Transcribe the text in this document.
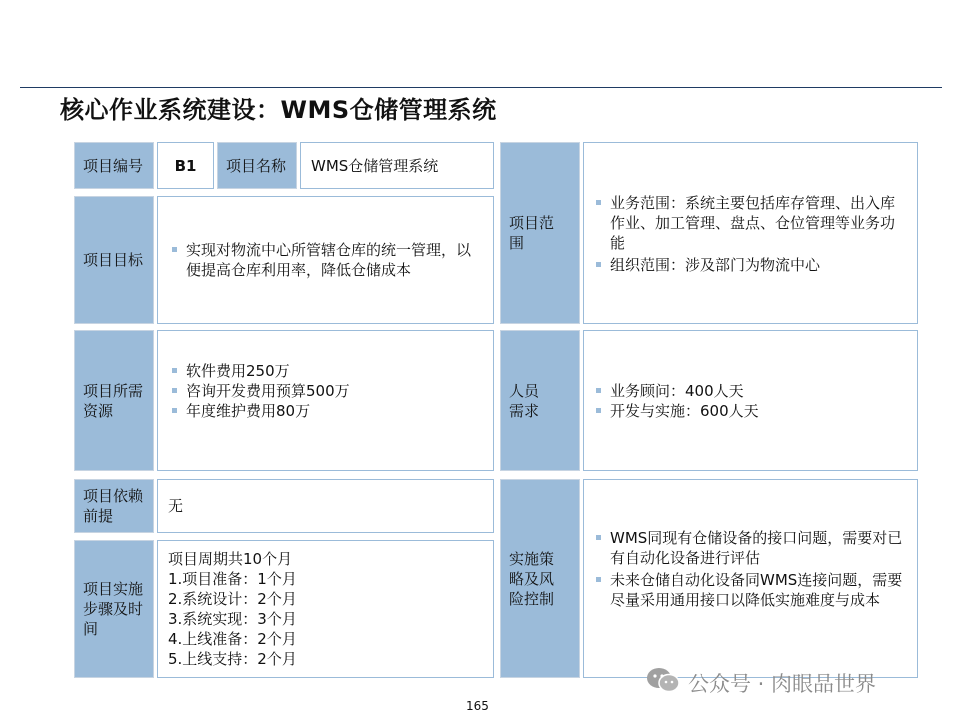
核心作业系统建设：WMS仓储管理系统
项目编号 B1 项目名称 WMS仓储管理系统
项目目标
实现对物流中心所管辖仓库的统一管理，以便提高仓库利用率，降低仓储成本
项目所需资源
软件费用250万
咨询开发费用预算500万
年度维护费用80万
项目依赖前提
无
项目实施步骤及时间
项目周期共10个月
1.项目准备：1个月
2.系统设计：2个月
3.系统实现：3个月
4.上线准备：2个月
5.上线支持：2个月
项目范围
业务范围：系统主要包括库存管理、出入库作业、加工管理、盘点、仓位管理等业务功能
组织范围：涉及部门为物流中心
人员需求
业务顾问：400人天
开发与实施：600人天
实施策略及风险控制
WMS同现有仓储设备的接口问题，需要对已有自动化设备进行评估
未来仓储自动化设备同WMS连接问题，需要尽量采用通用接口以降低实施难度与成本
165
公众号 · 肉眼品世界
